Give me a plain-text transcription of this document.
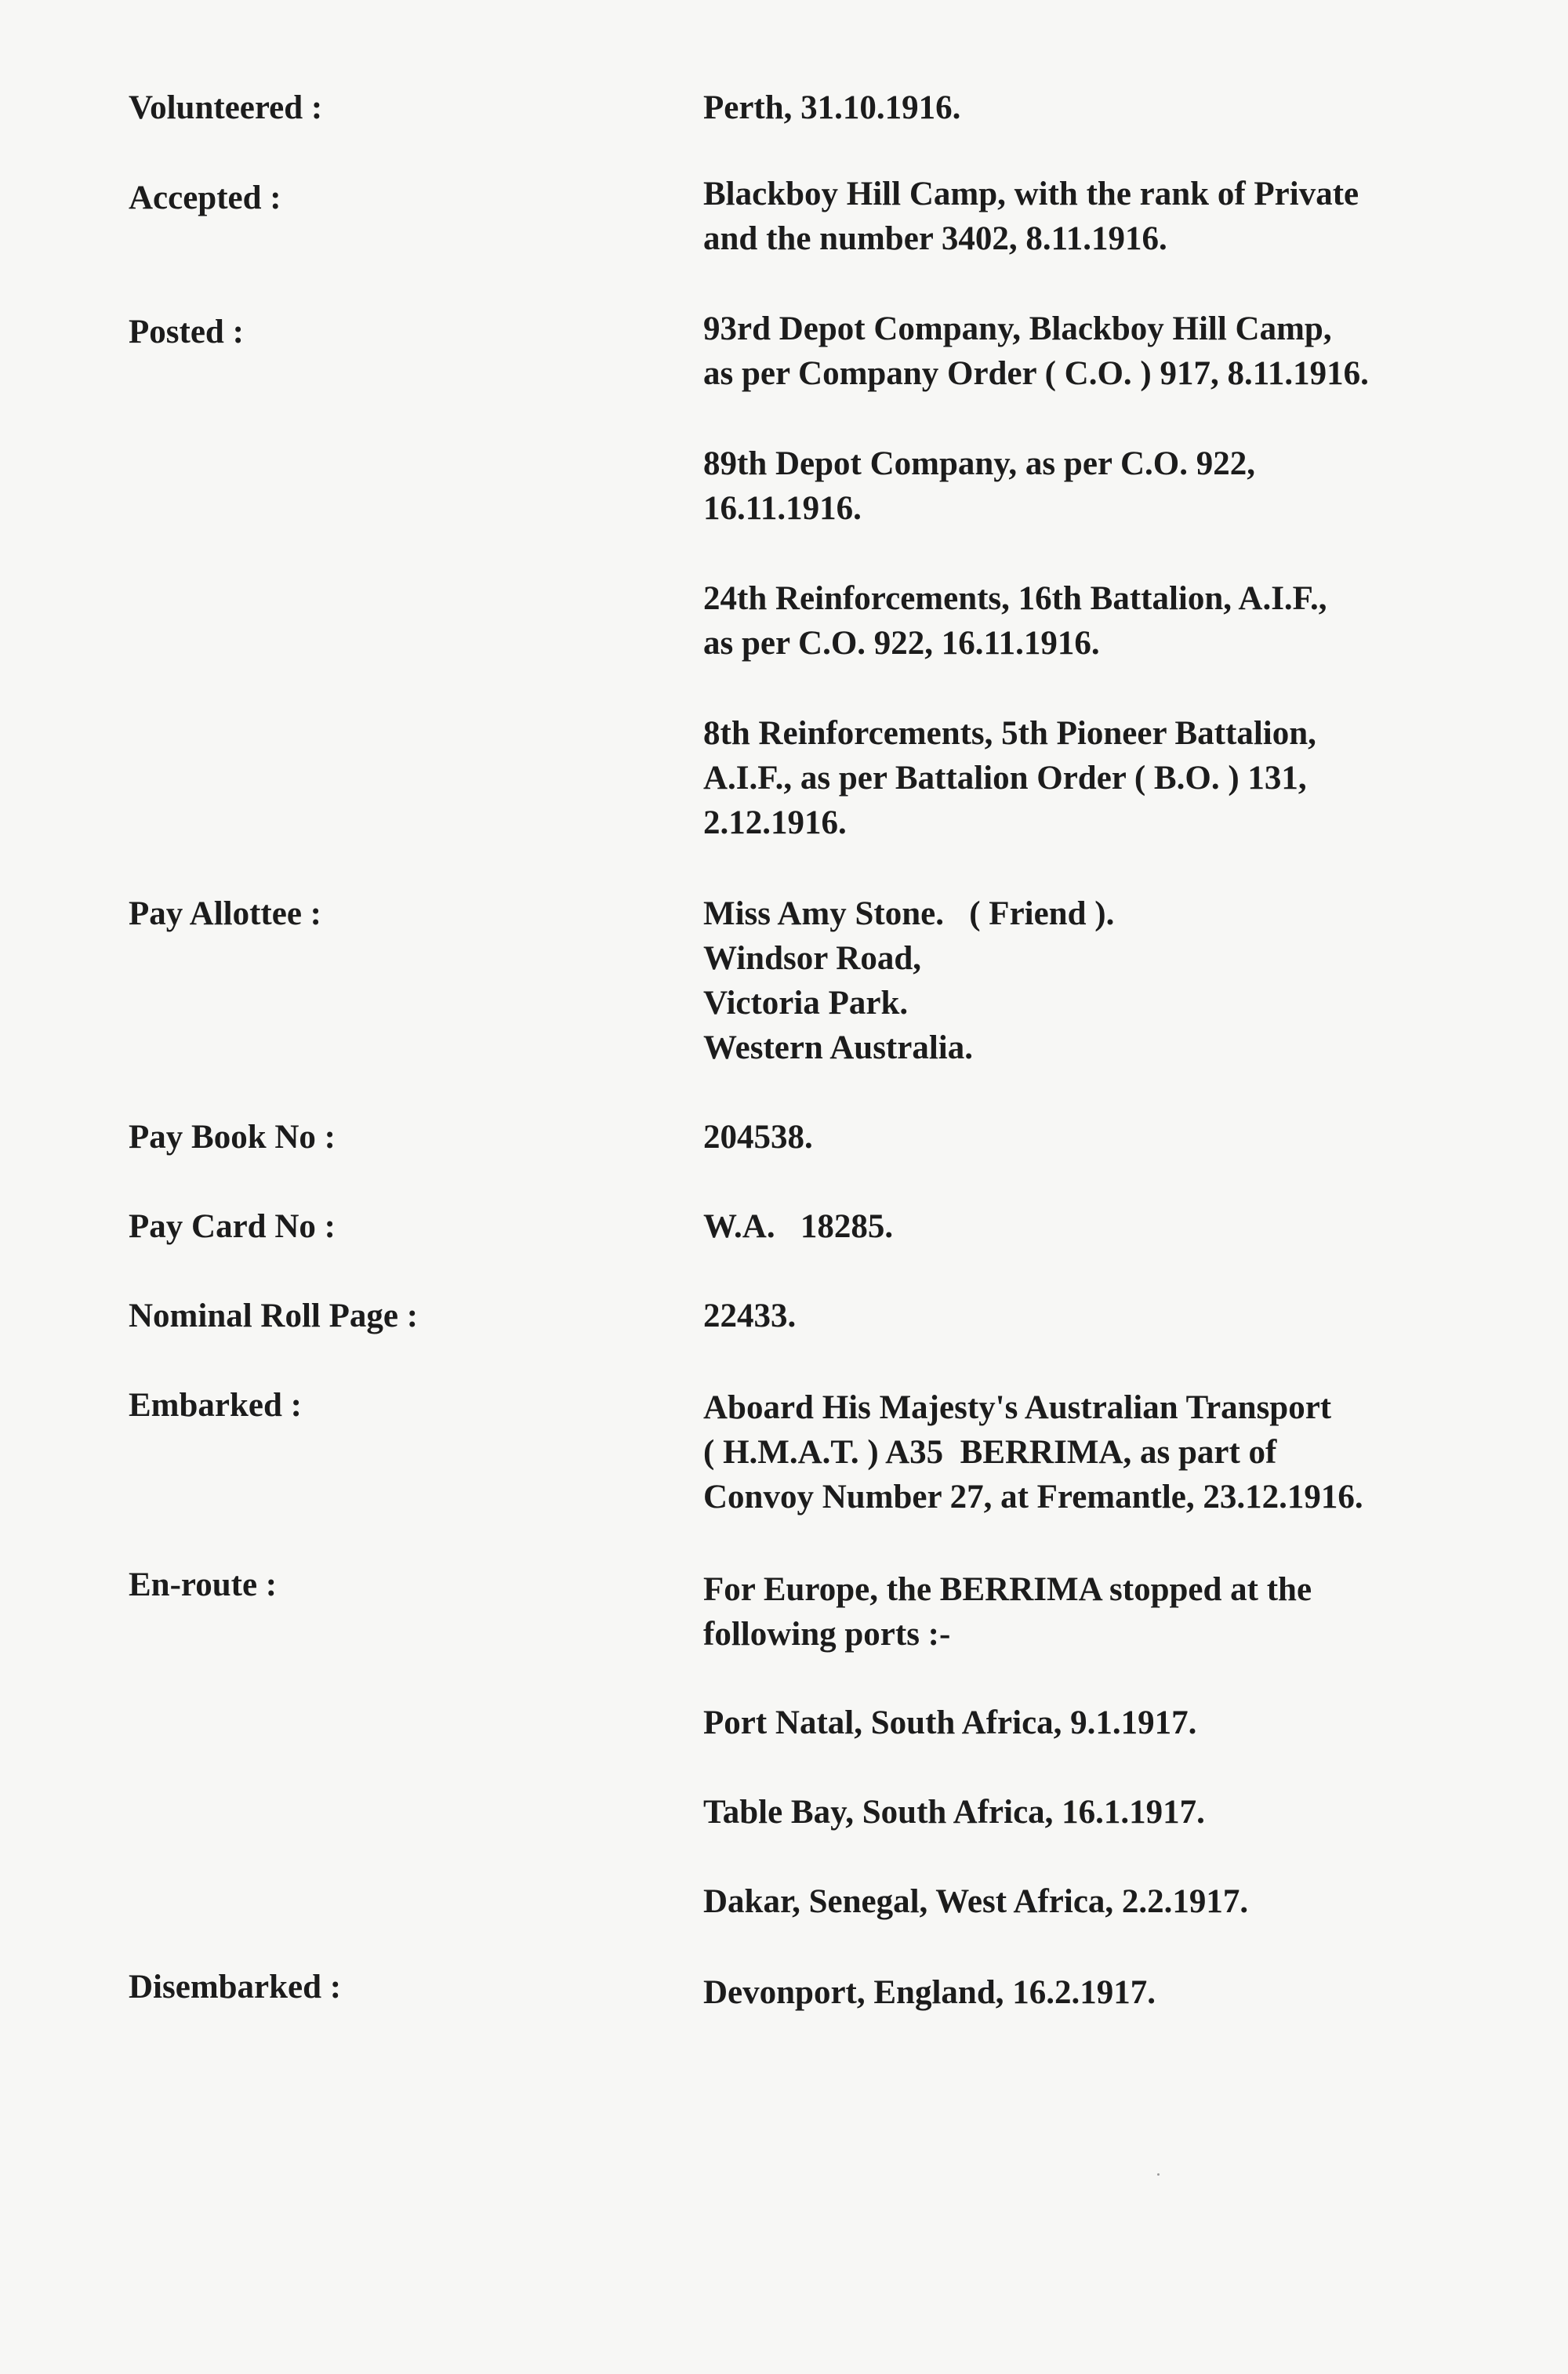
Volunteered :	Perth, 31.10.1916.
Accepted :	Blackboy Hill Camp, with the rank of Private
and the number 3402, 8.11.1916.
Posted :	93rd Depot Company, Blackboy Hill Camp,
as per Company Order ( C.O. ) 917, 8.11.1916.
89th Depot Company, as per C.O. 922,
16.11.1916.
24th Reinforcements, 16th Battalion, A.I.F.,
as per C.O. 922, 16.11.1916.
8th Reinforcements, 5th Pioneer Battalion,
A.I.F., as per Battalion Order ( B.O. ) 131,
2.12.1916.
Pay Allottee :	Miss Amy Stone.   ( Friend ).
Windsor Road,
Victoria Park.
Western Australia.
Pay Book No :	204538.
Pay Card No :	W.A.   18285.
Nominal Roll Page :	22433.
Embarked :	Aboard His Majesty's Australian Transport
( H.M.A.T. ) A35  BERRIMA, as part of
Convoy Number 27, at Fremantle, 23.12.1916.
En-route :	For Europe, the BERRIMA stopped at the
following ports :-
Port Natal, South Africa, 9.1.1917.
Table Bay, South Africa, 16.1.1917.
Dakar, Senegal, West Africa, 2.2.1917.
Disembarked :	Devonport, England, 16.2.1917.
